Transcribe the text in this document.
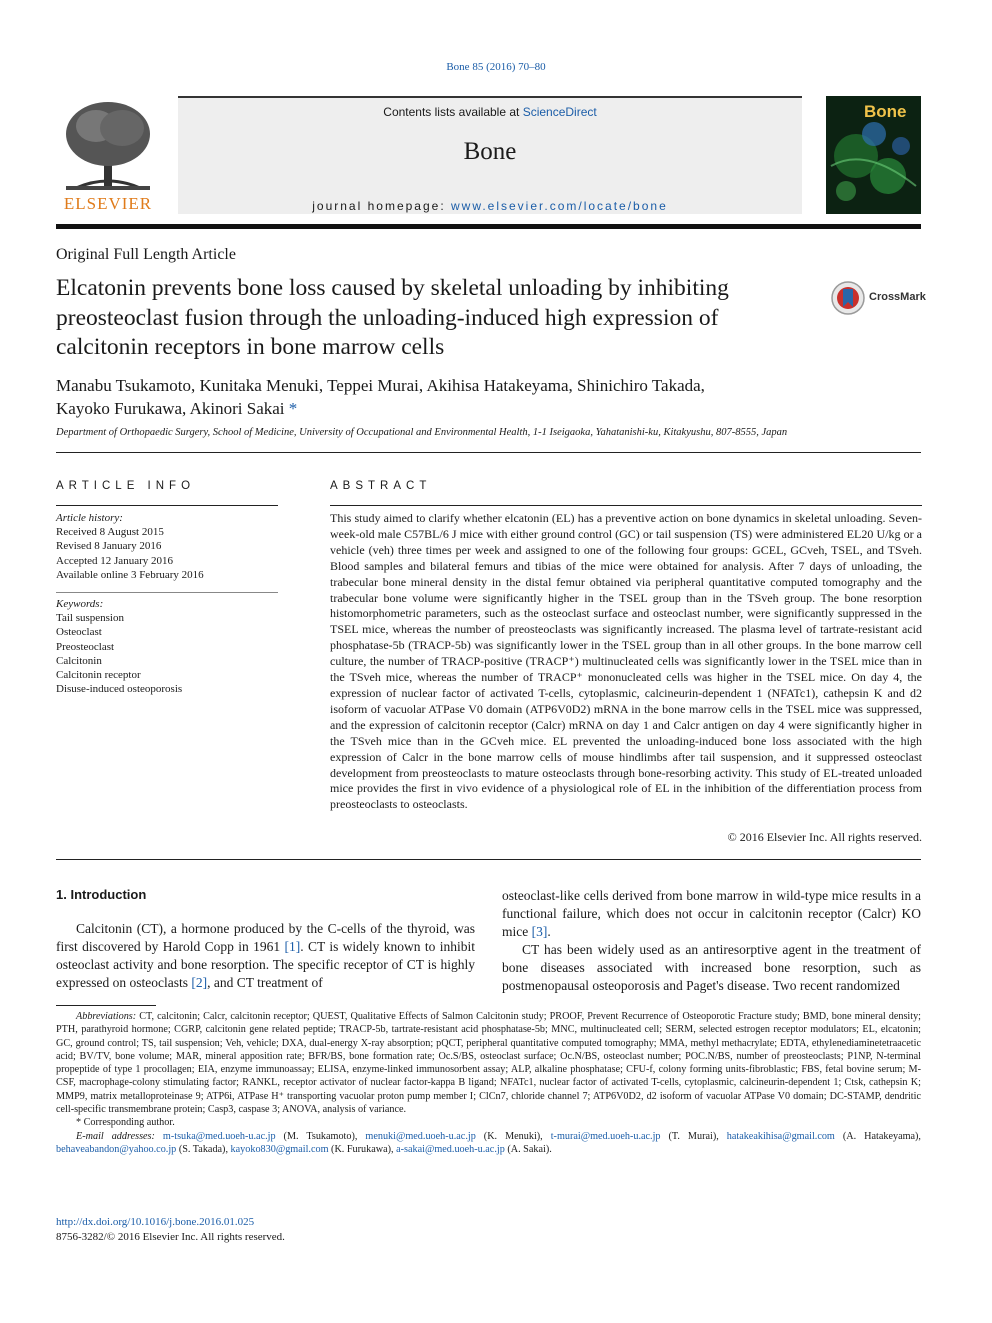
Bone 85 (2016) 70–80
ELSEVIER
Contents lists available at ScienceDirect
Bone
journal homepage: www.elsevier.com/locate/bone
Bone
Original Full Length Article
Elcatonin prevents bone loss caused by skeletal unloading by inhibiting preosteoclast fusion through the unloading-induced high expression of calcitonin receptors in bone marrow cells
CrossMark
Manabu Tsukamoto, Kunitaka Menuki, Teppei Murai, Akihisa Hatakeyama, Shinichiro Takada,
Kayoko Furukawa, Akinori Sakai *
Department of Orthopaedic Surgery, School of Medicine, University of Occupational and Environmental Health, 1-1 Iseigaoka, Yahatanishi-ku, Kitakyushu, 807-8555, Japan
ARTICLE INFO
Article history:
Received 8 August 2015
Revised 8 January 2016
Accepted 12 January 2016
Available online 3 February 2016
Keywords:
Tail suspension
Osteoclast
Preosteoclast
Calcitonin
Calcitonin receptor
Disuse-induced osteoporosis
ABSTRACT
This study aimed to clarify whether elcatonin (EL) has a preventive action on bone dynamics in skeletal unloading. Seven-week-old male C57BL/6 J mice with either ground control (GC) or tail suspension (TS) were administered EL20 U/kg or a vehicle (veh) three times per week and assigned to one of the following four groups: GCEL, GCveh, TSEL, and TSveh. Blood samples and bilateral femurs and tibias of the mice were obtained for analysis. After 7 days of unloading, the trabecular bone mineral density in the distal femur obtained via peripheral quantitative computed tomography and the trabecular bone volume were significantly higher in the TSEL group than in the TSveh group. The bone resorption histomorphometric parameters, such as the osteoclast surface and osteoclast number, were significantly suppressed in the TSEL mice, whereas the number of preosteoclasts was significantly increased. The plasma level of tartrate-resistant acid phosphatase-5b (TRACP-5b) was significantly lower in the TSEL group than in all other groups. In the bone marrow cell culture, the number of TRACP-positive (TRACP⁺) multinucleated cells was significantly lower in the TSEL mice than in the TSveh mice, whereas the number of TRACP⁺ mononucleated cells was higher in the TSEL mice. On day 4, the expression of nuclear factor of activated T-cells, cytoplasmic, calcineurin-dependent 1 (NFATc1), cathepsin K and d2 isoform of vacuolar ATPase V0 domain (ATP6V0D2) mRNA in the bone marrow cells in the TSEL mice was suppressed, and the expression of calcitonin receptor (Calcr) mRNA on day 1 and Calcr antigen on day 4 were significantly higher in the TSveh mice than in the GCveh mice. EL prevented the unloading-induced bone loss associated with the high expression of Calcr in the bone marrow cells of mouse hindlimbs after tail suspension, and it suppressed osteoclast development from preosteoclasts to mature osteoclasts through bone-resorbing activity. This study of EL-treated unloaded mice provides the first in vivo evidence of a physiological role of EL in the inhibition of the differentiation process from preosteoclasts to osteoclasts.
© 2016 Elsevier Inc. All rights reserved.
1. Introduction

Calcitonin (CT), a hormone produced by the C-cells of the thyroid, was first discovered by Harold Copp in 1961 [1]. CT is widely known to inhibit osteoclast activity and bone resorption. The specific receptor of CT is highly expressed on osteoclasts [2], and CT treatment of

osteoclast-like cells derived from bone marrow in wild-type mice results in a functional failure, which does not occur in calcitonin receptor (Calcr) KO mice [3].

CT has been widely used as an antiresorptive agent in the treatment of bone diseases associated with increased bone resorption, such as postmenopausal osteoporosis and Paget's disease. Two recent randomized

Abbreviations: CT, calcitonin; Calcr, calcitonin receptor; QUEST, Qualitative Effects of Salmon Calcitonin study; PROOF, Prevent Recurrence of Osteoporotic Fracture study; BMD, bone mineral density; PTH, parathyroid hormone; CGRP, calcitonin gene related peptide; TRACP-5b, tartrate-resistant acid phosphatase-5b; MNC, multinucleated cell; SERM, selected estrogen receptor modulators; EL, elcatonin; GC, ground control; TS, tail suspension; Veh, vehicle; DXA, dual-energy X-ray absorption; pQCT, peripheral quantitative computed tomography; MMA, methyl methacrylate; EDTA, ethylenediaminetetraacetic acid; BV/TV, bone volume; MAR, mineral apposition rate; BFR/BS, bone formation rate; Oc.S/BS, osteoclast surface; Oc.N/BS, osteoclast number; POC.N/BS, number of preosteoclasts; P1NP, N-terminal propeptide of type 1 procollagen; EIA, enzyme immunoassay; ELISA, enzyme-linked immunosorbent assay; ALP, alkaline phosphatase; CFU-f, colony forming units-fibroblastic; FBS, fetal bovine serum; M-CSF, macrophage-colony stimulating factor; RANKL, receptor activator of nuclear factor-kappa B ligand; NFATc1, nuclear factor of activated T-cells, cytoplasmic, calcineurin-dependent 1; Ctsk, cathepsin K; MMP9, matrix metalloproteinase 9; ATP6i, ATPase H⁺ transporting vacuolar proton pump member I; ClCn7, chloride channel 7; ATP6V0D2, d2 isoform of vacuolar ATPase V0 domain; DC-STAMP, dendritic cell-specific transmembrane protein; Casp3, caspase 3; ANOVA, analysis of variance.

* Corresponding author.

E-mail addresses: m-tsuka@med.uoeh-u.ac.jp (M. Tsukamoto), menuki@med.uoeh-u.ac.jp (K. Menuki), t-murai@med.uoeh-u.ac.jp (T. Murai), hatakeakihisa@gmail.com (A. Hatakeyama), behaveabandon@yahoo.co.jp (S. Takada), kayoko830@gmail.com (K. Furukawa), a-sakai@med.uoeh-u.ac.jp (A. Sakai).

http://dx.doi.org/10.1016/j.bone.2016.01.025
8756-3282/© 2016 Elsevier Inc. All rights reserved.
